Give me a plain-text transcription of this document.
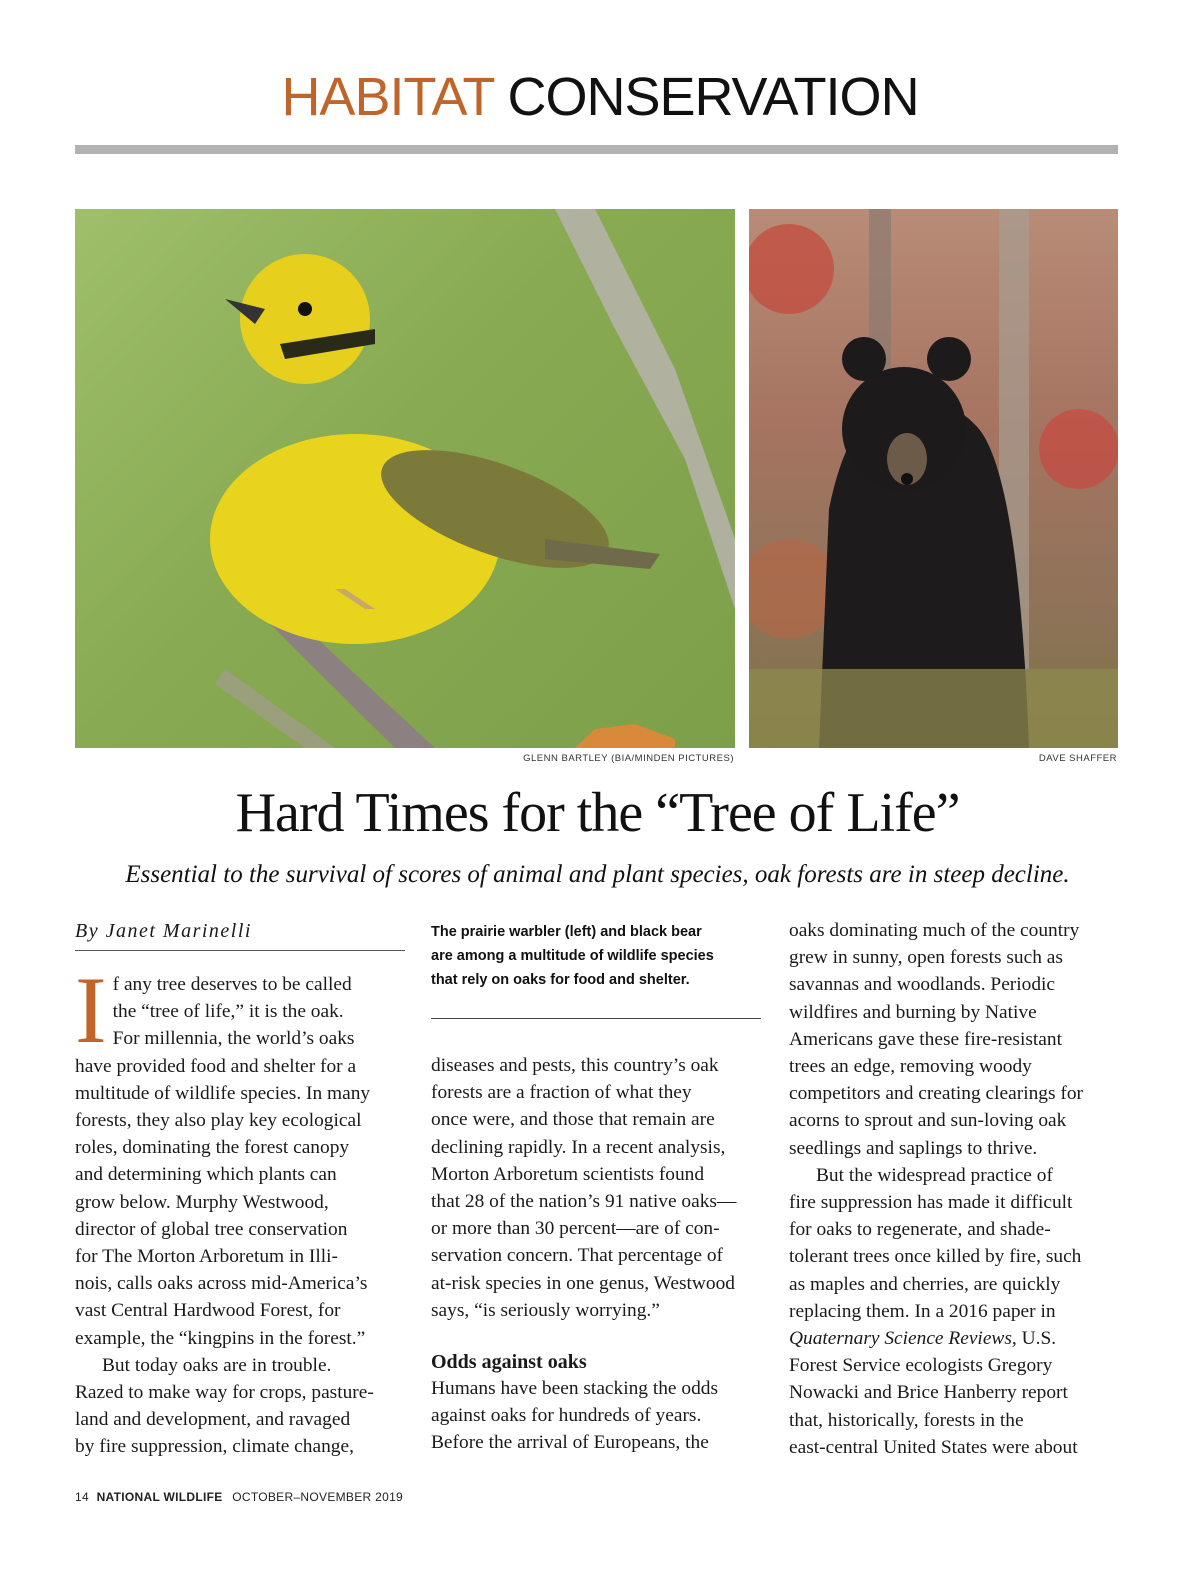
HABITAT CONSERVATION
GLENN BARTLEY (BIA/MINDEN PICTURES)	DAVE SHAFFER
Hard Times for the “Tree of Life”
Essential to the survival of scores of animal and plant species, oak forests are in steep decline.
By Janet Marinelli
I f any tree deserves to be called
the “tree of life,” it is the oak.
For millennia, the world’s oaks
have provided food and shelter for a
multitude of wildlife species. In many
forests, they also play key ecological
roles, dominating the forest canopy
and determining which plants can
grow below. Murphy Westwood,
director of global tree conservation
for The Morton Arboretum in Illi-
nois, calls oaks across mid-America’s
vast Central Hardwood Forest, for
example, the “kingpins in the forest.”
But today oaks are in trouble.
Razed to make way for crops, pasture-
land and development, and ravaged
by fire suppression, climate change,
The prairie warbler (left) and black bear
are among a multitude of wildlife species
that rely on oaks for food and shelter.
diseases and pests, this country’s oak
forests are a fraction of what they
once were, and those that remain are
declining rapidly. In a recent analysis,
Morton Arboretum scientists found
that 28 of the nation’s 91 native oaks—
or more than 30 percent—are of con-
servation concern. That percentage of
at-risk species in one genus, Westwood
says, “is seriously worrying.”
Odds against oaks
Humans have been stacking the odds
against oaks for hundreds of years.
Before the arrival of Europeans, the
oaks dominating much of the country
grew in sunny, open forests such as
savannas and woodlands. Periodic
wildfires and burning by Native
Americans gave these fire-resistant
trees an edge, removing woody
competitors and creating clearings for
acorns to sprout and sun-loving oak
seedlings and saplings to thrive.
But the widespread practice of
fire suppression has made it difficult
for oaks to regenerate, and shade-
tolerant trees once killed by fire, such
as maples and cherries, are quickly
replacing them. In a 2016 paper in
Quaternary Science Reviews, U.S.
Forest Service ecologists Gregory
Nowacki and Brice Hanberry report
that, historically, forests in the
east-central United States were about
14 NATIONAL WILDLIFE OCTOBER–NOVEMBER 2019
